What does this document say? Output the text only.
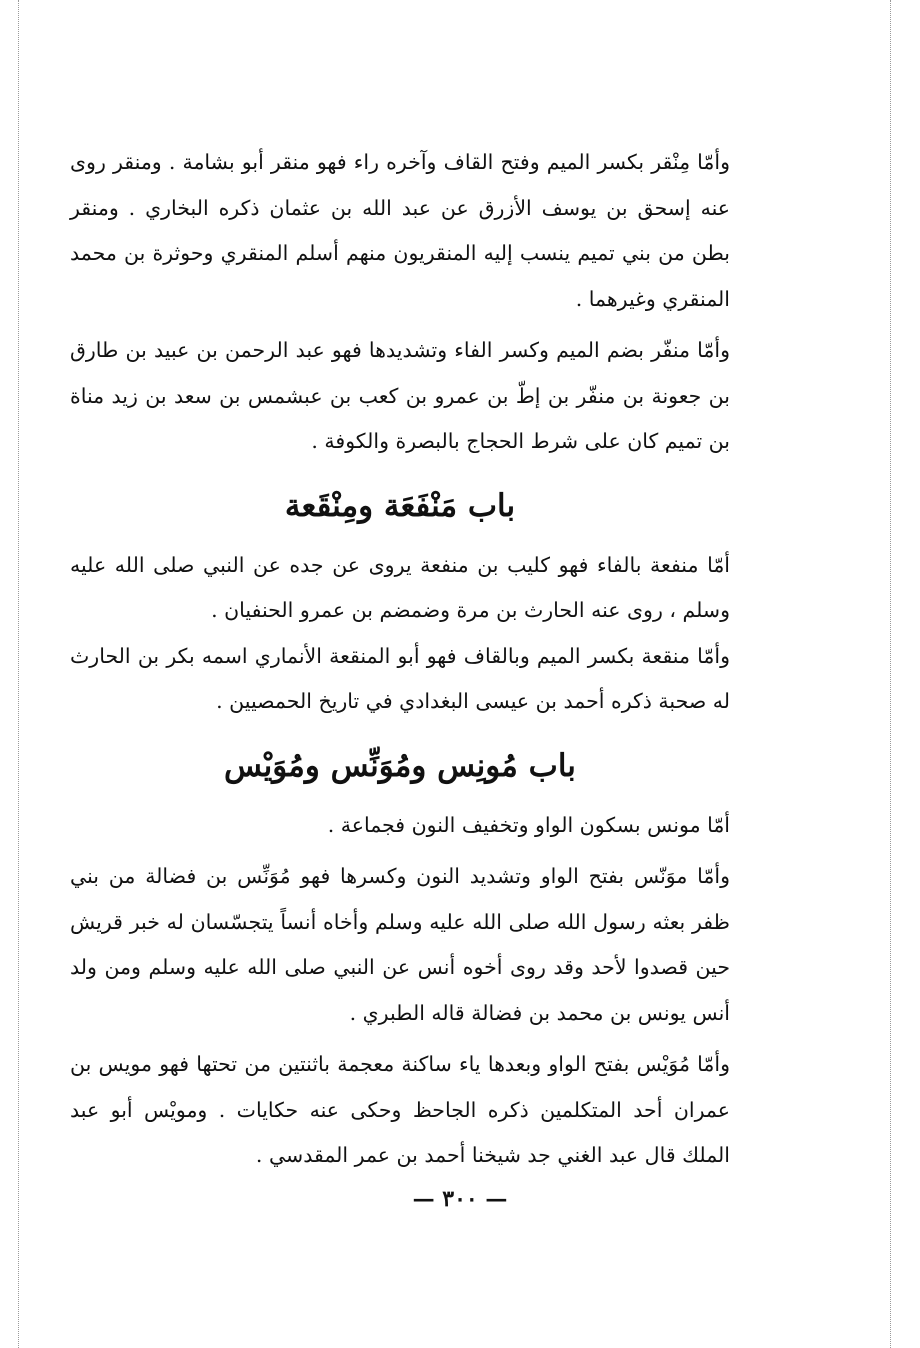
وأمّا مِنْقر بكسر الميم وفتح القاف وآخره راء فهو منقر أبو بشامة . ومنقر روى عنه إسحق بن يوسف الأزرق عن عبد الله بن عثمان ذكره البخاري . ومنقر بطن من بني تميم ينسب إليه المنقريون منهم أسلم المنقري وحوثرة بن محمد المنقري وغيرهما .

وأمّا منفّر بضم الميم وكسر الفاء وتشديدها فهو عبد الرحمن بن عبيد بن طارق بن جعونة بن منفّر بن إطّ بن عمرو بن كعب بن عبشمس بن سعد بن زيد مناة بن تميم كان على شرط الحجاج بالبصرة والكوفة .

باب مَنْفَعَة ومِنْقَعة

أمّا منفعة بالفاء فهو كليب بن منفعة يروى عن جده عن النبي صلى الله عليه وسلم ، روى عنه الحارث بن مرة وضمضم بن عمرو الحنفيان .

وأمّا منقعة بكسر الميم وبالقاف فهو أبو المنقعة الأنماري اسمه بكر بن الحارث له صحبة ذكره أحمد بن عيسى البغدادي في تاريخ الحمصيين .

باب مُونِس ومُوَنِّس ومُوَيْس

أمّا مونس بسكون الواو وتخفيف النون فجماعة .

وأمّا موَنّس بفتح الواو وتشديد النون وكسرها فهو مُوَنِّس بن فضالة من بني ظفر بعثه رسول الله صلى الله عليه وسلم وأخاه أنساً يتجسّسان له خبر قريش حين قصدوا لأحد وقد روى أخوه أنس عن النبي صلى الله عليه وسلم ومن ولد أنس يونس بن محمد بن فضالة قاله الطبري .

وأمّا مُوَيْس بفتح الواو وبعدها ياء ساكنة معجمة باثنتين من تحتها فهو مويس بن عمران أحد المتكلمين ذكره الجاحظ وحكى عنه حكايات . ومويْس أبو عبد الملك قال عبد الغني جد شيخنا أحمد بن عمر المقدسي .

— ٣٠٠ —
